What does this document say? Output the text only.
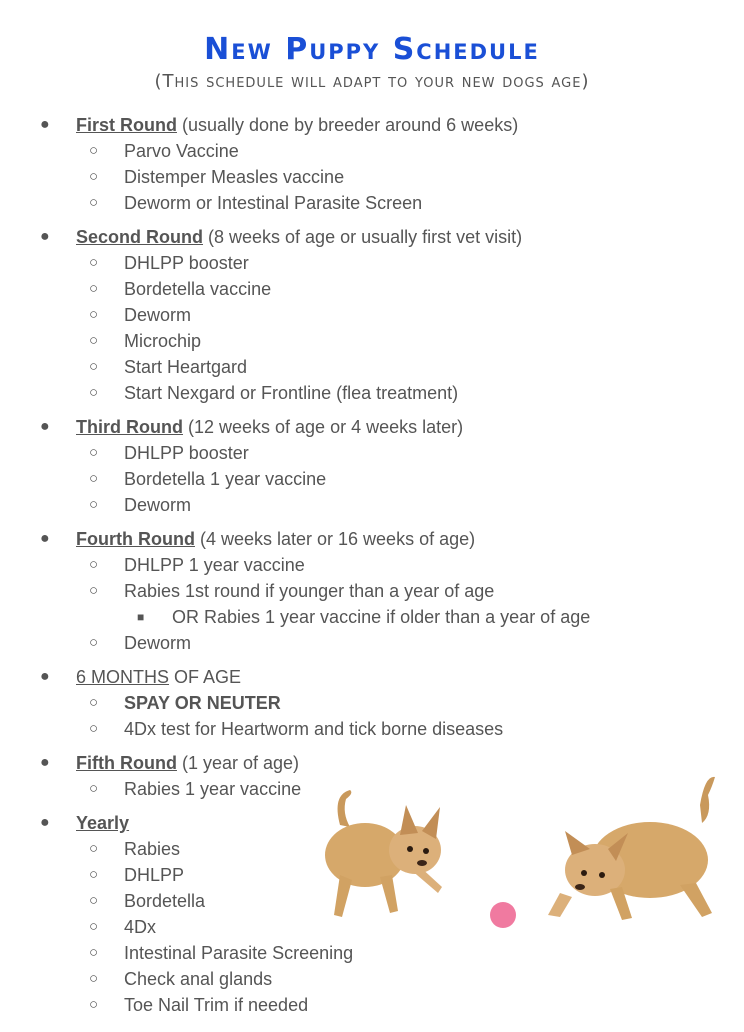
New Puppy Schedule
(This schedule will adapt to your new dogs age)
● First Round (usually done by breeder around 6 weeks)
○ Parvo Vaccine
○ Distemper Measles vaccine
○ Deworm or Intestinal Parasite Screen
● Second Round (8 weeks of age or usually first vet visit)
○ DHLPP booster
○ Bordetella vaccine
○ Deworm
○ Microchip
○ Start Heartgard
○ Start Nexgard or Frontline (flea treatment)
● Third Round (12 weeks of age or 4 weeks later)
○ DHLPP booster
○ Bordetella 1 year vaccine
○ Deworm
● Fourth Round (4 weeks later or 16 weeks of age)
○ DHLPP 1 year vaccine
○ Rabies 1st round if younger than a year of age
■ OR Rabies 1 year vaccine if older than a year of age
○ Deworm
● 6 MONTHS OF AGE
○ SPAY OR NEUTER
○ 4Dx test for Heartworm and tick borne diseases
● Fifth Round (1 year of age)
○ Rabies 1 year vaccine
● Yearly
○ Rabies
○ DHLPP
○ Bordetella
○ 4Dx
○ Intestinal Parasite Screening
○ Check anal glands
○ Toe Nail Trim if needed
